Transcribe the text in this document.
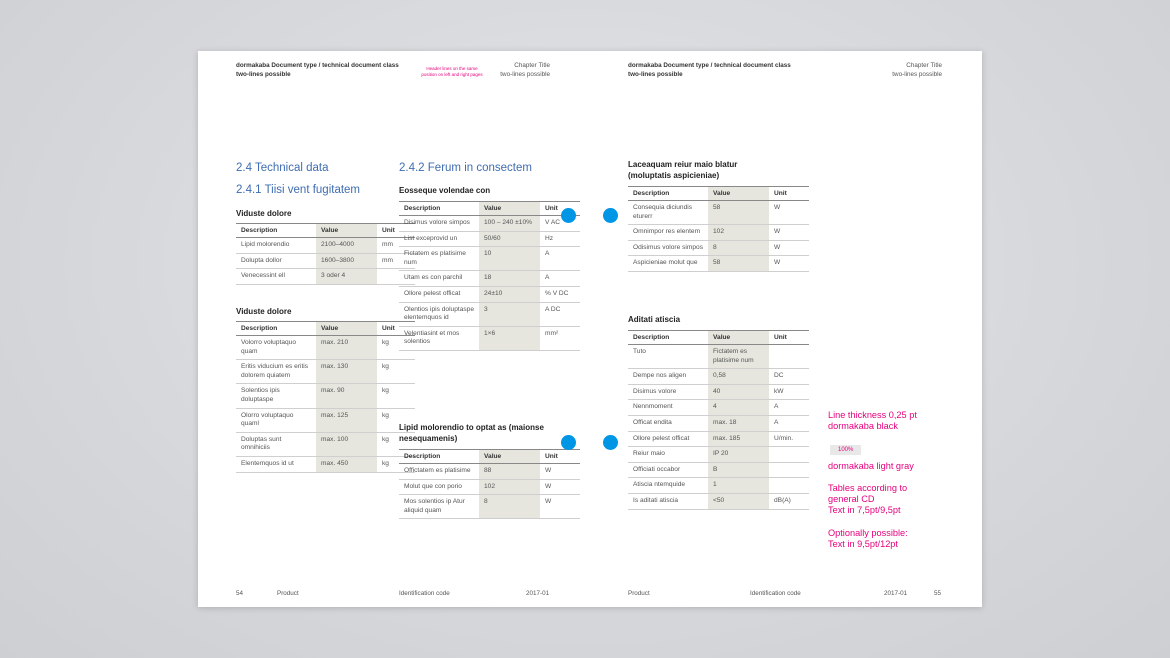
dormakaba Document type / technical document class
two-lines possible
Header lines on the same
position on left and right pages
Chapter Title
two-lines possible
dormakaba Document type / technical document class
two-lines possible
Chapter Title
two-lines possible
2.4 Technical data
2.4.1 Tiisi vent fugitatem
Viduste dolore
Description	Value	Unit
Lipid molorendio	2100–4000	mm
Dolupta dollor	1600–3800	mm
Venecessint ell	3 oder 4	
Viduste dolore
Description	Value	Unit
Volorro voluptaquo quam	max. 210	kg
Eritis viducium es eritis dolorem quiatem	max. 130	kg
Solentios ipis doluptaspe	max. 90	kg
Olorro voluptaquo quaml	max. 125	kg
Doluptas sunt omnihiciis	max. 100	kg
Elentemquos id ut	max. 450	kg
2.4.2 Ferum in consectem
Eosseque volendae con
Description	Value	Unit
Disimus volore simpos	100 – 240 ±10%	V AC
List exceprovid un	50/60	Hz
Fictatem es platisime num	10	A
Utam es con parchil	18	A
Ollore pelest officat	24±10	% V DC
Olentios ipis doluptaspe elentemquos id	3	A DC
Velentiasint et mos solentios	1×6	mm²
Lipid molorendio to optat as (maionse nesequamenis)
Description	Value	Unit
Offictatem es platisime	88	W
Molut que con porio	102	W
Mos solentios ip Atur aliquid quam	8	W
Laceaquam reiur maio blatur (moluptatis aspicieniae)
Description	Value	Unit
Consequia diciundis eturerr	58	W
Omnimpor res elentem	102	W
Odisimus volore simpos	8	W
Aspicieniae molut que	58	W
Aditati atiscia
Description	Value	Unit
Tuto	Fictatem es platisime num	
Dempe nos aligen	0,58	DC
Disimus volore	40	kW
Nennmoment	4	A
Officat endita	max. 18	A
Ollore pelest officat	max. 185	U/min.
Reiur maio	IP 20	
Officiati occabor	B	
Atiscia ntemquide	1	
Is aditati atiscia	<50	dB(A)
Line thickness 0,25 pt
dormakaba black
100%
dormakaba light gray
Tables according to
general CD
Text in 7,5pt/9,5pt
Optionally possible:
Text in 9,5pt/12pt
54	Product	Identification code	2017-01	Product	Identification code	2017-01	55
